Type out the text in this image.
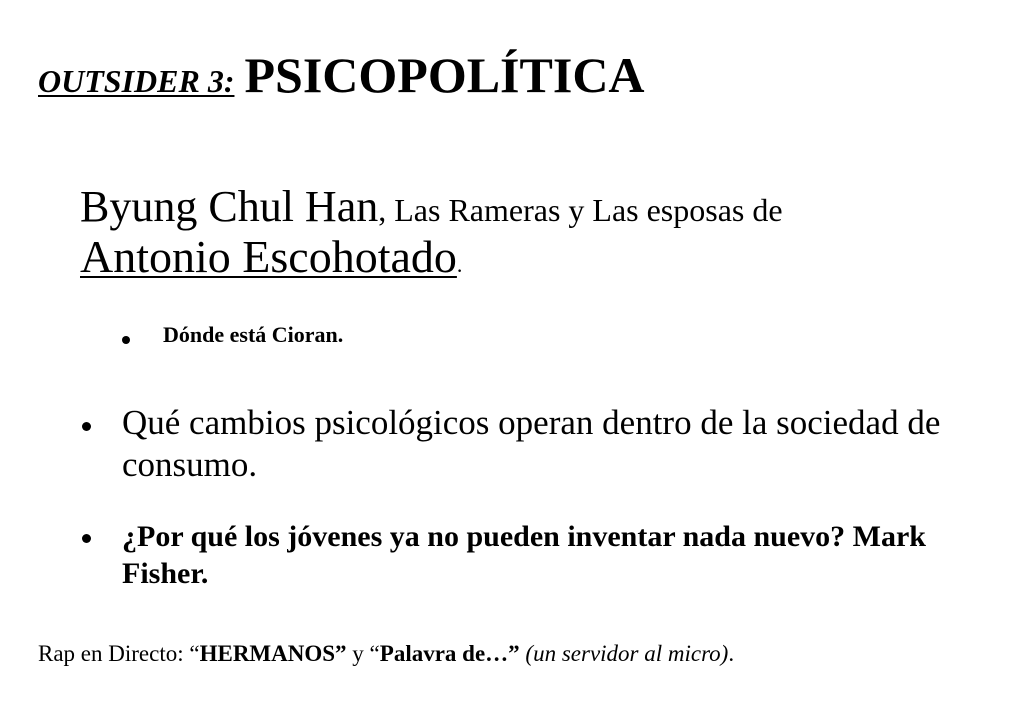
OUTSIDER 3: PSICOPOLÍTICA
Byung Chul Han, Las Rameras y Las esposas de
Antonio Escohotado.
Dónde está Cioran.
Qué cambios psicológicos operan dentro de la sociedad de consumo.
¿Por qué los jóvenes ya no pueden inventar nada nuevo? Mark Fisher.
Rap en Directo: “HERMANOS” y “Palavra de…” (un servidor al micro).
